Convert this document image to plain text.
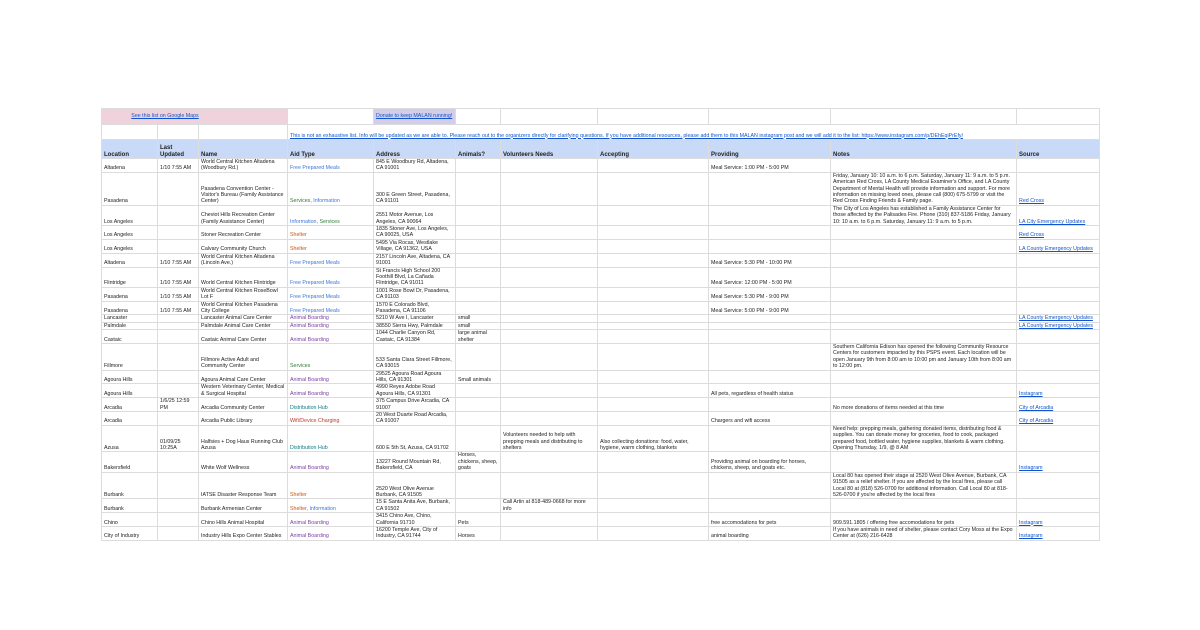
		See this list on Google Maps		Donate to keep MALAN running!						
			This is not an exhaustive list. Info will be updated as we are able to. Please reach out to the organizers directly for clarifying questions. If you have additional resources, please add them to this MALAN instagram post and we will add it to the list: https://www.instagram.com/p/DEhEqiPrEfy/							
Location	Last Updated	Name	Aid Type	Address	Animals?	Volunteers Needs	Accepting	Providing	Notes	Source
Altadena	1/10 7:55 AM	World Central Kitchen Altadena (Woodbury Rd.)	Free Prepared Meals	845 E Woodbury Rd, Altadena, CA 91001				Meal Service: 1:00 PM - 5:00 PM		
Pasadena		Pasadena Convention Center - Visitor's Bureau (Family Assistance Center)	Services, Information	300 E Green Street, Pasadena, CA 91101					Friday, January 10: 10 a.m. to 6 p.m. Saturday, January 11: 9 a.m. to 5 p.m. American Red Cross, LA County Medical Examiner's Office, and LA County Department of Mental Health will provide information and support. For more information on missing loved ones, please call (800) 675-5799 or visit the Red Cross Finding Friends & Family page.	Red Cross
Los Angeles		Cheviot Hills Recreation Center (Family Assistance Center)	Information, Services	2551 Motor Avenue, Los Angeles, CA 90064					The City of Los Angeles has established a Family Assistance Center for those affected by the Palisades Fire. Phone (310) 837-5186 Friday, January 10: 10 a.m. to 6 p.m. Saturday, January 11: 9 a.m. to 5 p.m.	LA City Emergency Updates
Los Angeles		Stoner Recreation Center	Shelter	1835 Stoner Ave, Los Angeles, CA 90025, USA						Red Cross
Los Angeles		Calvary Community Church	Shelter	5495 Via Rocas, Westlake Village, CA 91362, USA						LA County Emergency Updates
Altadena	1/10 7:55 AM	World Central Kitchen Altadena (Lincoln Ave.)	Free Prepared Meals	2157 Lincoln Ave, Altadena, CA 91001				Meal Service: 5:30 PM - 10:00 PM		
Flintridge	1/10 7:55 AM	World Central Kitchen Flintridge	Free Prepared Meals	St Francis High School 200 Foothill Blvd, La Cañada Flintridge, CA 91011				Meal Service: 12:00 PM - 5:00 PM		
Pasadena	1/10 7:55 AM	World Central Kitchen RoseBowl Lot F	Free Prepared Meals	1001 Rose Bowl Dr, Pasadena, CA 91103				Meal Service: 5:30 PM - 9:00 PM		
Pasadena	1/10 7:55 AM	World Central Kitchen Pasadena City College	Free Prepared Meals	1570 E Colorado Blvd, Pasadena, CA 91106				Meal Service: 5:00 PM - 9:00 PM		
Lancaster		Lancaster Animal Care Center	Animal Boarding	5210 W Ave I, Lancaster	small					LA County Emergency Updates
Palmdale		Palmdale Animal Care Center	Animal Boarding	38550 Sierra Hwy, Palmdale	small					LA County Emergency Updates
Castaic		Castaic Animal Care Center	Animal Boarding	1044 Charlie Canyon Rd, Castaic, CA 91384	large animal shelter					
Fillmore		Fillmore Active Adult and Community Center	Services	533 Santa Clara Street Fillmore, CA 93015					Southern California Edison has opened the following Community Resource Centers for customers impacted by this PSPS event. Each location will be open January 9th from 8:00 am to 10:00 pm and January 10th from 8:00 am to 12:00 pm.	
Agoura Hills		Agoura Animal Care Center	Animal Boarding	29525 Agoura Road Agoura Hills, CA 91301	Small animals					
Agoura Hills		Western Veterinary Center, Medical & Surgical Hospital	Animal Boarding	4990 Reyes Adobe Road Agoura Hills, CA 91301				All pets, regardless of health status		Instagram
Arcadia	1/6/25 12:59 PM	Arcadia Community Center	Distribution Hub	375 Campus Drive Arcadia, CA 91007					No more donations of items needed at this time	City of Arcadia
Arcadia		Arcadia Public Library	Wifi/Device Charging	20 West Duarte Road Arcadia, CA 91007				Chargers and wifi access		City of Arcadia
Azusa	01/09/25 10:25A	Halfsies + Dog Haus Running Club Azusa	Distribution Hub	600 E 5th St, Azusa, CA 91702		Volunteers needed to help with prepping meals and distributing to shelters	Also collecting donations: food, water, hygiene, warm clothing, blankets		Need help: prepping meals, gathering donated items, distributing food & supplies. You can donate money for groceries, food to cook, packaged prepared food, bottled water, hygiene supplies, blankets & warm clothing. Opening Thursday, 1/9, @ 8 AM	
Bakersfield		White Wolf Wellness	Animal Boarding	13227 Round Mountain Rd, Bakersfield, CA	Horses, chickens, sheep, goats			Providing animal on boarding for horses, chickens, sheep, and goats etc.		Instagram
Burbank		IATSE Disaster Response Team	Shelter	2520 West Olive Avenue Burbank, CA 91505					Local 80 has opened their stage at 2520 West Olive Avenue, Burbank, CA 91505 as a relief shelter. If you are affected by the local fires, please call Local 80 at (818) 526-0700 for additional information. Call Local 80 at 818-526-0700 if you're affected by the local fires	
Burbank		Burbank Armenian Center	Shelter, Information	15 E Santa Anita Ave, Burbank, CA 91502		Call Artin at 818-489-0668 for more info				
Chino		Chino Hills Animal Hospital	Animal Boarding	3415 Chino Ave, Chino, California 91710	Pets			free accomodations for pets	909.591.1805 / offering free accomodations for pets	Instagram
City of Industry		Industry Hills Expo Center Stables	Animal Boarding	16200 Temple Ave, City of Industry, CA 91744	Horses			animal boarding	If you have animals in need of shelter, please contact Cory Moss at the Expo Center at (626) 216-6428	Instagram
